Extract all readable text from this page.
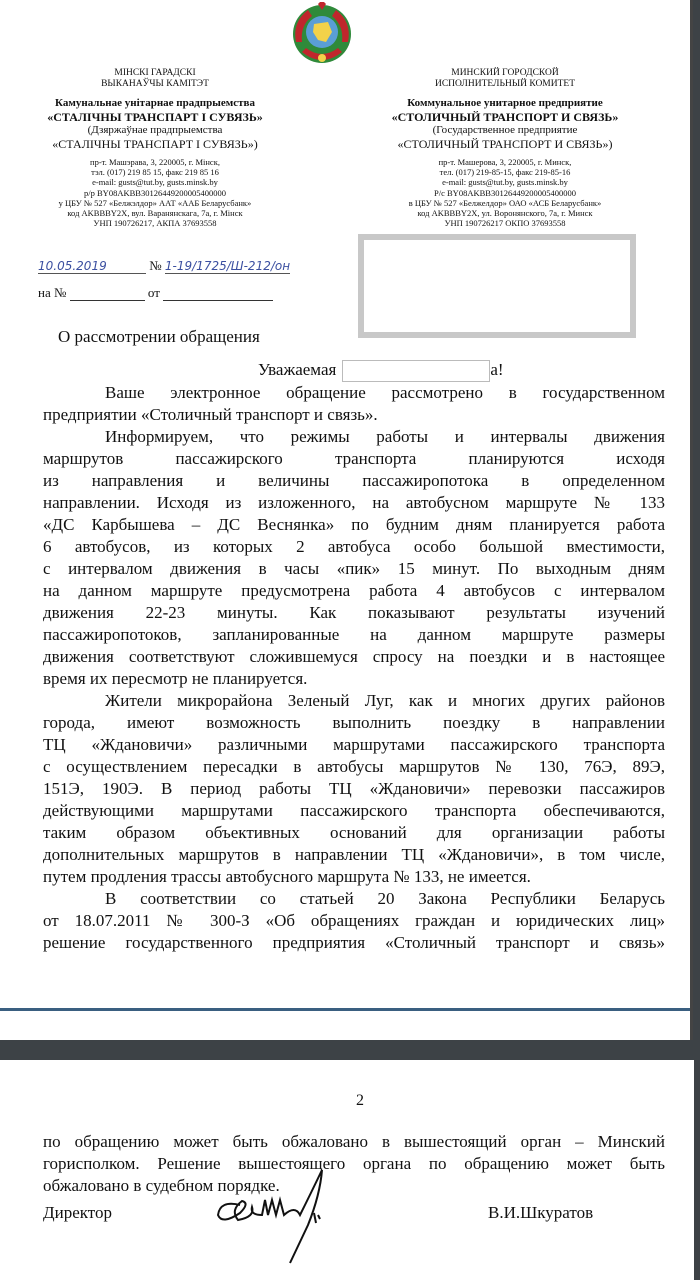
МІНСКІ ГАРАДСКІ
ВЫКАНАЎЧЫ КАМІТЭТ
Камунальнае унітарнае прадпрыемства
«СТАЛІЧНЫ ТРАНСПАРТ І СУВЯЗЬ»
(Дзяржаўнае прадпрыемства
«СТАЛІЧНЫ ТРАНСПАРТ І СУВЯЗЬ»)
пр-т. Машэрава, 3, 220005, г. Мінск,
тэл. (017) 219 85 15, факс 219 85 16
e-mail: gusts@tut.by, gusts.minsk.by
р/р BY08AKBB30126449200005400000
у ЦБУ № 527 «Белжэлдор» ААТ «ААБ Беларусбанк»
код AKBBBY2X, вул. Варанянскага, 7а, г. Мінск
УНП 190726217, АКПА 37693558
МИНСКИЙ ГОРОДСКОЙ
ИСПОЛНИТЕЛЬНЫЙ КОМИТЕТ
Коммунальное унитарное предприятие
«СТОЛИЧНЫЙ ТРАНСПОРТ И СВЯЗЬ»
(Государственное предприятие
«СТОЛИЧНЫЙ ТРАНСПОРТ И СВЯЗЬ»)
пр-т. Машерова, 3, 220005, г. Минск,
тел. (017) 219-85-15, факс 219-85-16
e-mail: gusts@tut.by, gusts.minsk.by
Р/с BY08AKBB30126449200005400000
в ЦБУ № 527 «Белжелдор» ОАО «АСБ Беларусбанк»
код AKBBBY2X, ул. Воронянского, 7а, г. Минск
УНП 190726217 ОКПО 37693558
10.05.2019	№ 1-19/1725/Ш-212/он
на №	от
О рассмотрении обращения
Уважаемая	а!
Ваше электронное обращение рассмотрено в государственном
предприятии «Столичный транспорт и связь».
Информируем, что режимы работы и интервалы движения
маршрутов пассажирского транспорта планируются исходя
из направления и величины пассажиропотока в определенном
направлении. Исходя из изложенного, на автобусном маршруте № 133
«ДС Карбышева – ДС Веснянка» по будним дням планируется работа
6 автобусов, из которых 2 автобуса особо большой вместимости,
с интервалом движения в часы «пик» 15 минут. По выходным дням
на данном маршруте предусмотрена работа 4 автобусов с интервалом
движения 22-23 минуты. Как показывают результаты изучений
пассажиропотоков, запланированные на данном маршруте размеры
движения соответствуют сложившемуся спросу на поездки и в настоящее
время их пересмотр не планируется.
Жители микрорайона Зеленый Луг, как и многих других районов
города, имеют возможность выполнить поездку в направлении
ТЦ «Ждановичи» различными маршрутами пассажирского транспорта
с осуществлением пересадки в автобусы маршрутов № 130, 76Э, 89Э,
151Э, 190Э. В период работы ТЦ «Ждановичи» перевозки пассажиров
действующими маршрутами пассажирского транспорта обеспечиваются,
таким образом объективных оснований для организации работы
дополнительных маршрутов в направлении ТЦ «Ждановичи», в том числе,
путем продления трассы автобусного маршрута № 133, не имеется.
В соответствии со статьей 20 Закона Республики Беларусь
от 18.07.2011 № 300-З «Об обращениях граждан и юридических лиц»
решение государственного предприятия «Столичный транспорт и связь»
2
по обращению может быть обжаловано в вышестоящий орган – Минский
горисполком. Решение вышестоящего органа по обращению может быть
обжаловано в судебном порядке.
Директор	В.И.Шкуратов
